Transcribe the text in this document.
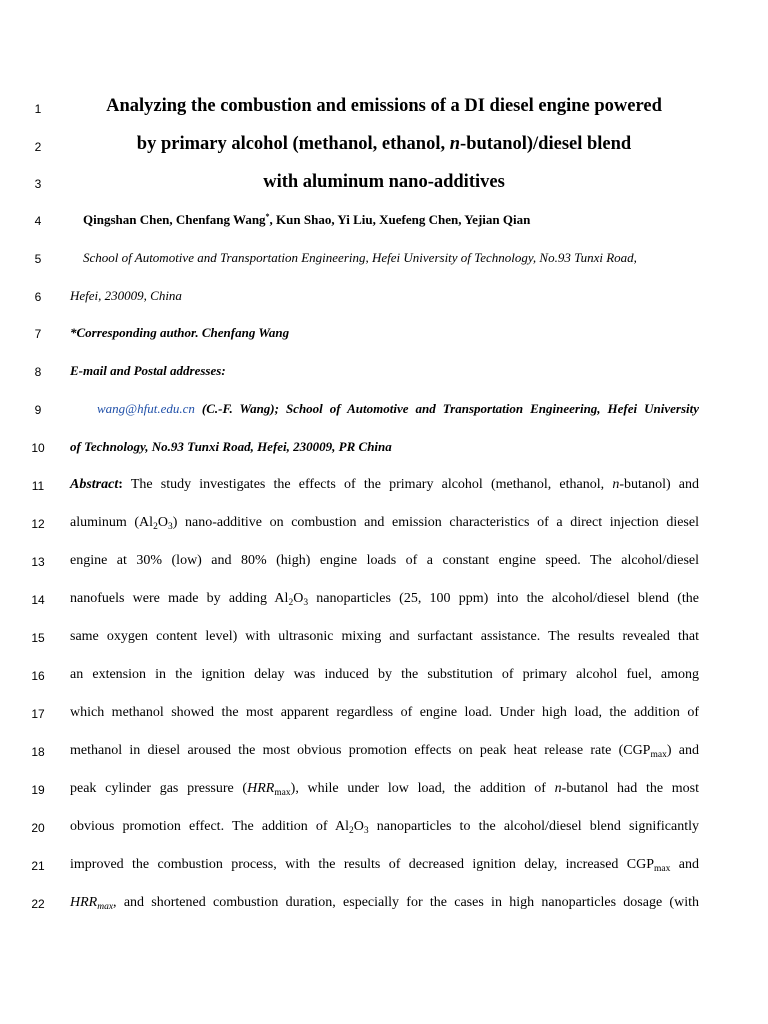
1
2
3
4
5
6
7
8
9
10
11
12
13
14
15
16
17
18
19
20
21
22
Analyzing the combustion and emissions of a DI diesel engine powered
by primary alcohol (methanol, ethanol, n-butanol)/diesel blend
with aluminum nano-additives
Qingshan Chen, Chenfang Wang*, Kun Shao, Yi Liu, Xuefeng Chen, Yejian Qian
School of Automotive and Transportation Engineering, Hefei University of Technology, No.93 Tunxi Road,
Hefei, 230009, China
*Corresponding author. Chenfang Wang
E-mail and Postal addresses:
wang@hfut.edu.cn (C.-F. Wang); School of Automotive and Transportation Engineering, Hefei University
of Technology, No.93 Tunxi Road, Hefei, 230009, PR China
Abstract: The study investigates the effects of the primary alcohol (methanol, ethanol, n-butanol) and
aluminum $(Al_2O_3)$ nano-additive on combustion and emission characteristics of a direct injection diesel
engine at 30% (low) and 80% (high) engine loads of a constant engine speed. The alcohol/diesel
nanofuels were made by adding $Al_2O_3$ nanoparticles (25, 100 ppm) into the alcohol/diesel blend (the
same oxygen content level) with ultrasonic mixing and surfactant assistance. The results revealed that
an extension in the ignition delay was induced by the substitution of primary alcohol fuel, among
which methanol showed the most apparent regardless of engine load. Under high load, the addition of
methanol in diesel aroused the most obvious promotion effects on peak heat release rate $(CGP_{max})$ and
peak cylinder gas pressure $(HRR_{max})$, while under low load, the addition of n-butanol had the most
obvious promotion effect. The addition of $Al_2O_3$ nanoparticles to the alcohol/diesel blend significantly
improved the combustion process, with the results of decreased ignition delay, increased $CGP_{max}$ and
$HRR_{max}$, and shortened combustion duration, especially for the cases in high nanoparticles dosage (with
